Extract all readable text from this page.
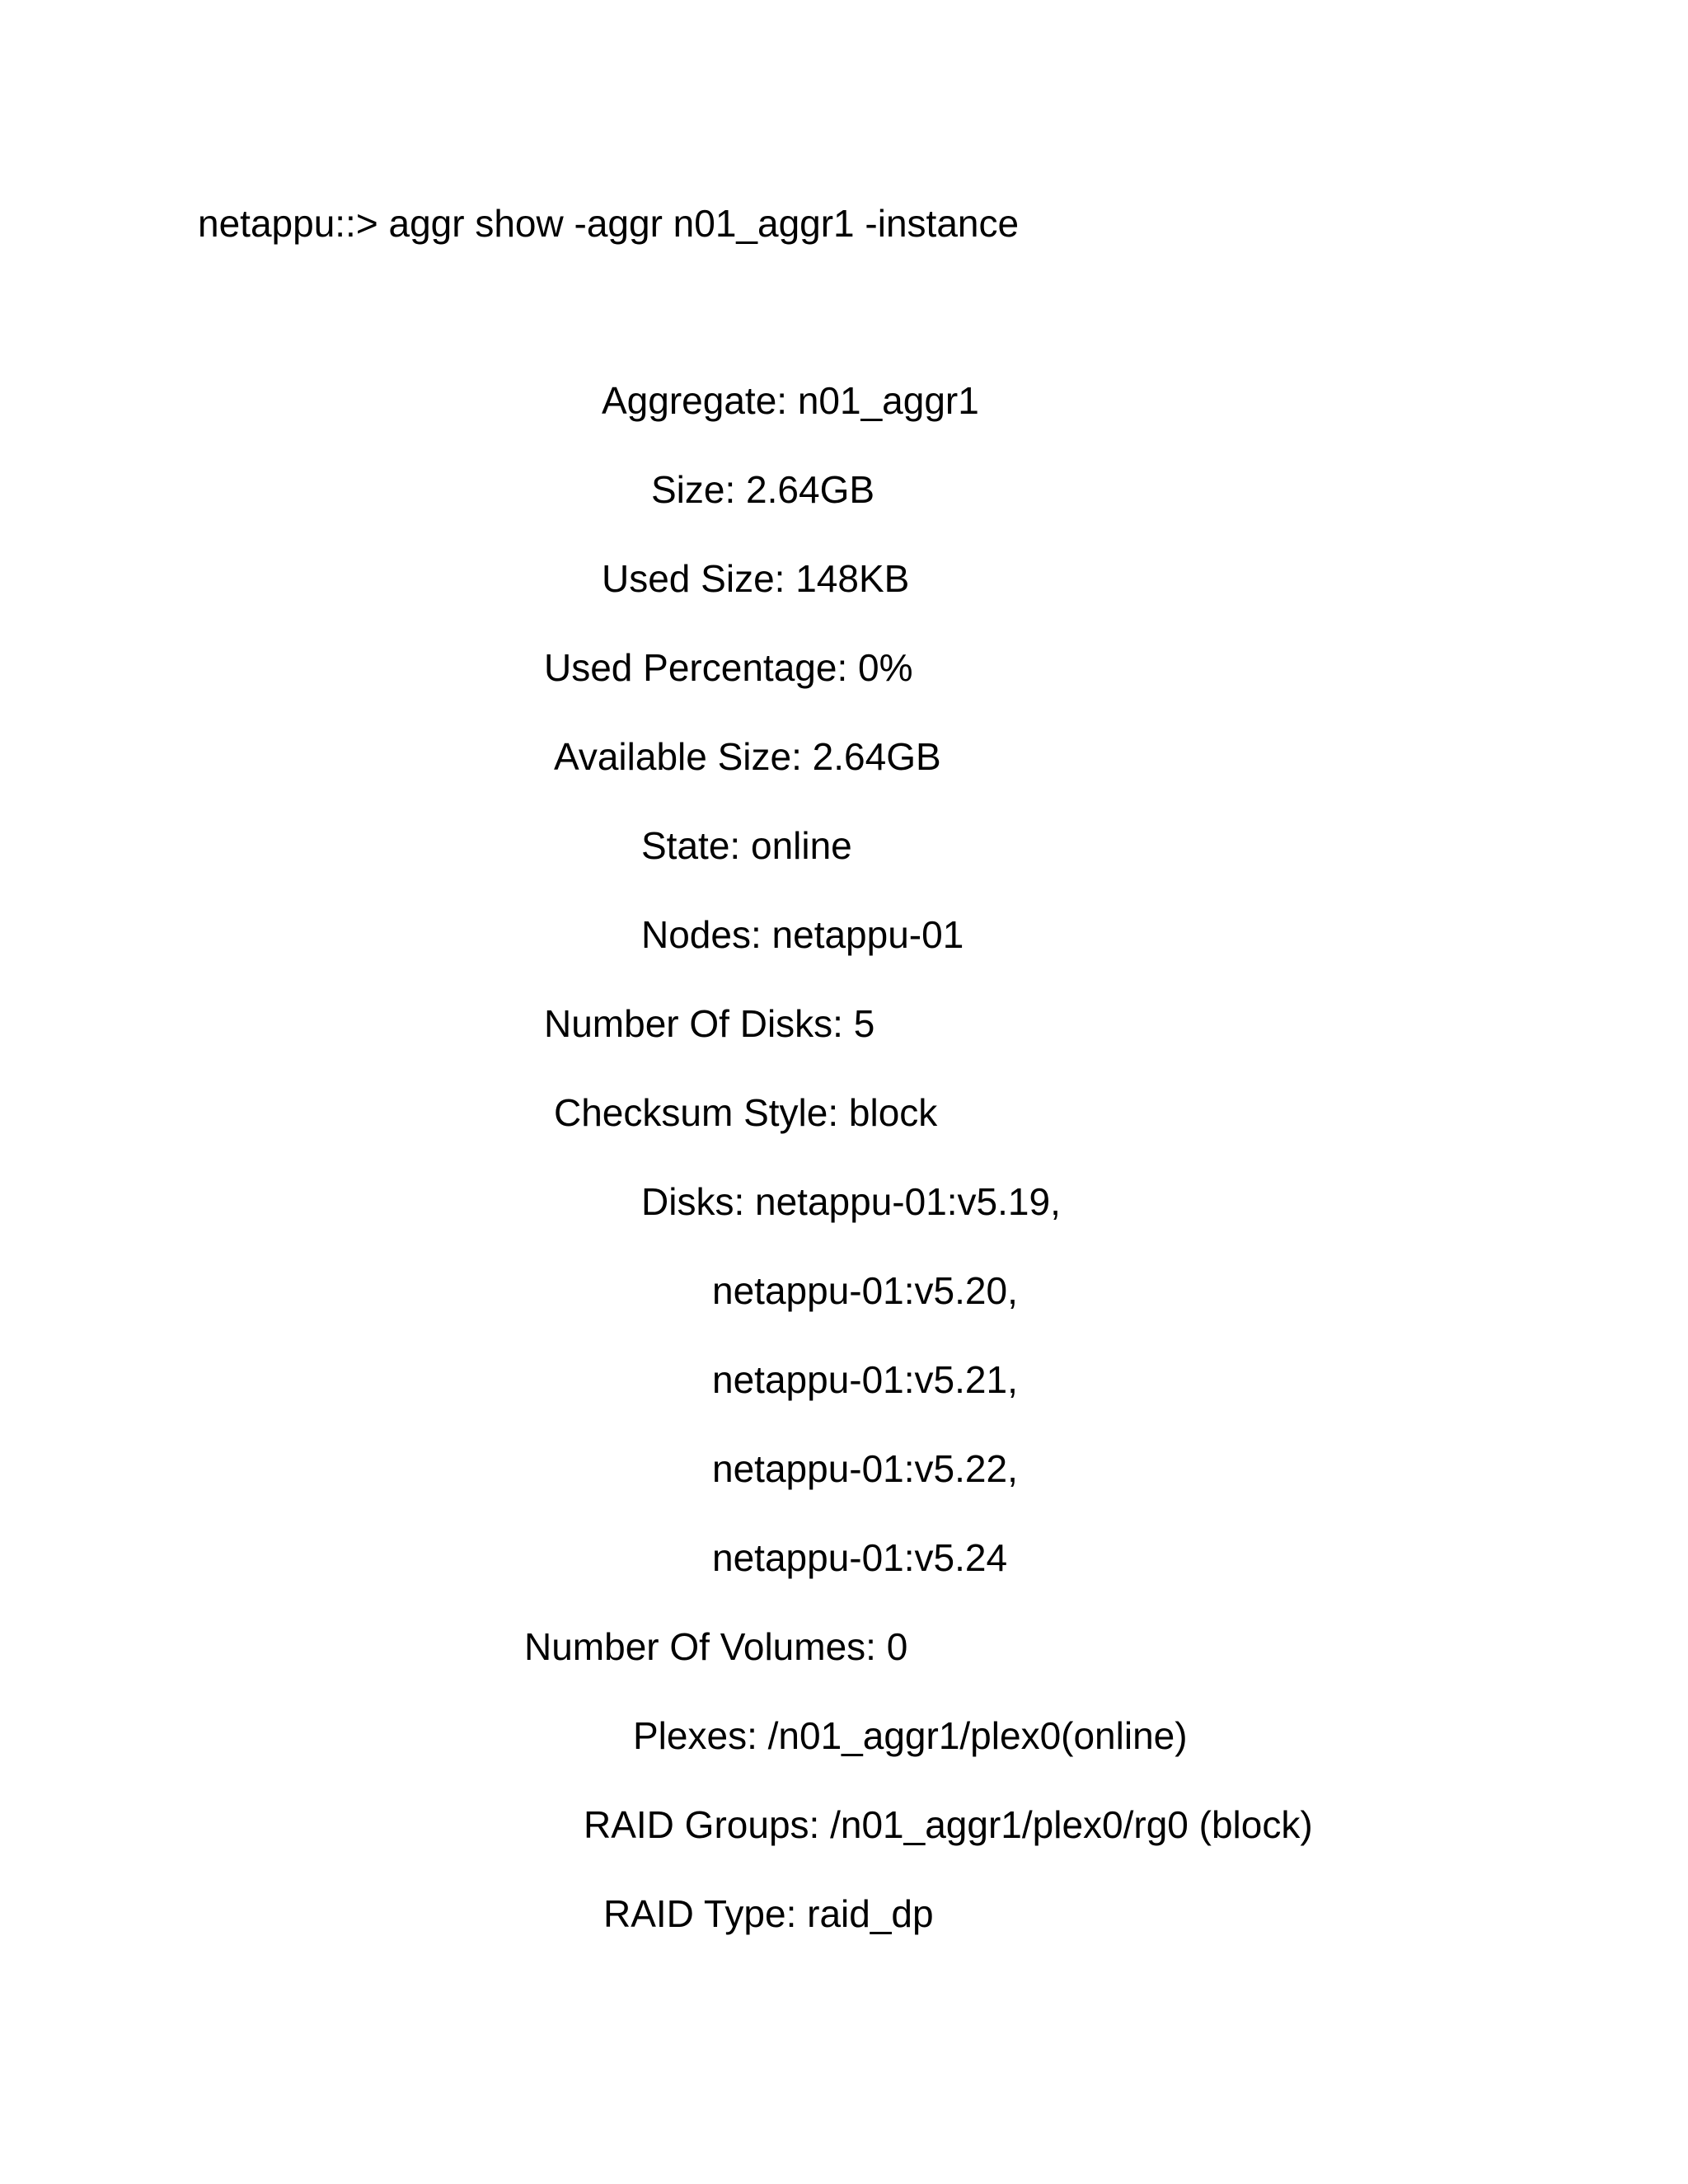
netappu::> aggr show -aggr n01_aggr1 -instance
Aggregate: n01_aggr1
Size: 2.64GB
Used Size: 148KB
Used Percentage: 0%
Available Size: 2.64GB
State: online
Nodes: netappu-01
Number Of Disks: 5
Checksum Style: block
Disks: netappu-01:v5.19,
netappu-01:v5.20,
netappu-01:v5.21,
netappu-01:v5.22,
netappu-01:v5.24
Number Of Volumes: 0
Plexes: /n01_aggr1/plex0(online)
RAID Groups: /n01_aggr1/plex0/rg0 (block)
RAID Type: raid_dp
